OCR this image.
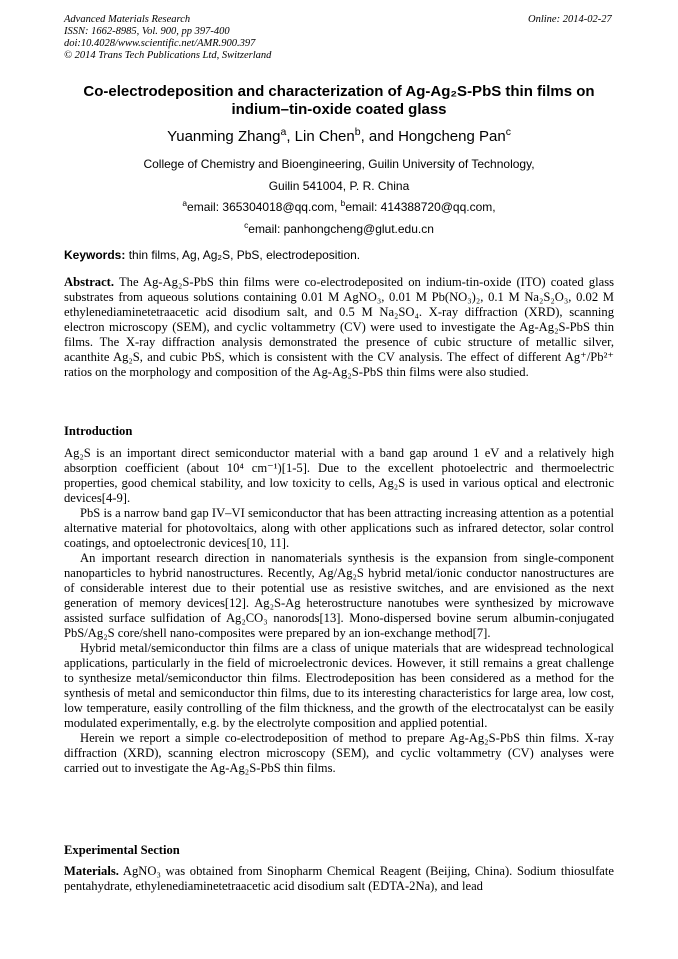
Advanced Materials Research
ISSN: 1662-8985, Vol. 900, pp 397-400
doi:10.4028/www.scientific.net/AMR.900.397
© 2014 Trans Tech Publications Ltd, Switzerland
Online: 2014-02-27
Co-electrodeposition and characterization of Ag-Ag₂S-PbS thin films on
indium–tin-oxide coated glass
Yuanming Zhang$^a$, Lin Chen$^b$, and Hongcheng Pan$^c$
College of Chemistry and Bioengineering, Guilin University of Technology,
Guilin 541004, P. R. China
$^a$email: 365304018@qq.com, $^b$email: 414388720@qq.com,
$^c$email: panhongcheng@glut.edu.cn
Keywords: thin films, Ag, Ag₂S, PbS, electrodeposition.
Abstract. The Ag-Ag₂S-PbS thin films were co-electrodeposited on indium-tin-oxide (ITO) coated glass substrates from aqueous solutions containing 0.01 M AgNO₃, 0.01 M Pb(NO₃)₂, 0.1 M Na₂S₂O₃, 0.02 M ethylenediaminetetraacetic acid disodium salt, and 0.5 M Na₂SO₄. X-ray diffraction (XRD), scanning electron microscopy (SEM), and cyclic voltammetry (CV) were used to investigate the Ag-Ag₂S-PbS thin films. The X-ray diffraction analysis demonstrated the presence of cubic structure of metallic silver, acanthite Ag₂S, and cubic PbS, which is consistent with the CV analysis. The effect of different Ag⁺/Pb²⁺ ratios on the morphology and composition of the Ag-Ag₂S-PbS thin films were also studied.
Introduction

Ag₂S is an important direct semiconductor material with a band gap around 1 eV and a relatively high absorption coefficient (about 10⁴ cm⁻¹)[1-5]. Due to the excellent photoelectric and thermoelectric properties, good chemical stability, and low toxicity to cells, Ag₂S is used in various optical and electronic devices[4-9].

PbS is a narrow band gap IV–VI semiconductor that has been attracting increasing attention as a potential alternative material for photovoltaics, along with other applications such as infrared detector, solar control coatings, and optoelectronic devices[10, 11].

An important research direction in nanomaterials synthesis is the expansion from single-component nanoparticles to hybrid nanostructures. Recently, Ag/Ag₂S hybrid metal/ionic conductor nanostructures are of considerable interest due to their potential use as resistive switches, and are envisioned as the next generation of memory devices[12]. Ag₂S-Ag heterostructure nanotubes were synthesized by microwave assisted surface sulfidation of Ag₂CO₃ nanorods[13]. Mono-dispersed bovine serum albumin-conjugated PbS/Ag₂S core/shell nano-composites were prepared by an ion-exchange method[7].

Hybrid metal/semiconductor thin films are a class of unique materials that are widespread technological applications, particularly in the field of microelectronic devices. However, it still remains a great challenge to synthesize metal/semiconductor thin films. Electrodeposition has been considered as a method for the synthesis of metal and semiconductor thin films, due to its interesting characteristics for large area, low cost, low temperature, easily controlling of the film thickness, and the growth of the electrocatalyst can be easily modulated experimentally, e.g. by the electrolyte composition and applied potential.

Herein we report a simple co-electrodeposition of method to prepare Ag-Ag₂S-PbS thin films. X-ray diffraction (XRD), scanning electron microscopy (SEM), and cyclic voltammetry (CV) analyses were carried out to investigate the Ag-Ag₂S-PbS thin films.

Experimental Section
Materials. AgNO₃ was obtained from Sinopharm Chemical Reagent (Beijing, China). Sodium thiosulfate pentahydrate, ethylenediaminetetraacetic acid disodium salt (EDTA-2Na), and lead
